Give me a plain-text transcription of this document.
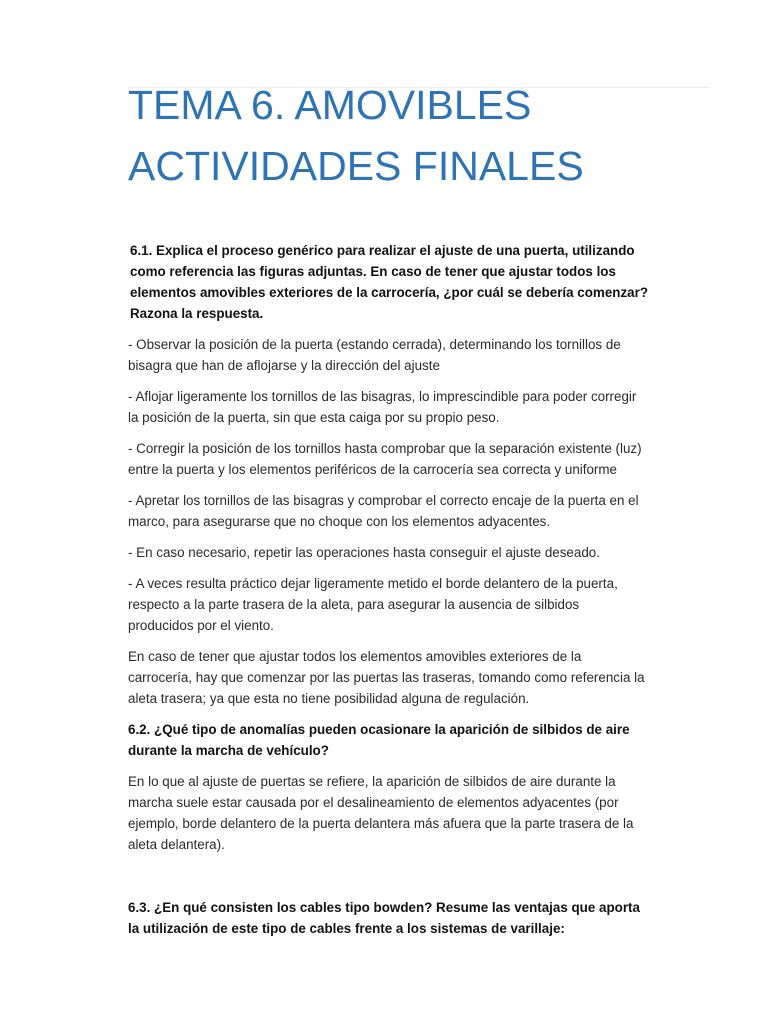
TEMA 6. AMOVIBLES
ACTIVIDADES FINALES

6.1. Explica el proceso genérico para realizar el ajuste de una puerta, utilizando como referencia las figuras adjuntas. En caso de tener que ajustar todos los elementos amovibles exteriores de la carrocería, ¿por cuál se debería comenzar? Razona la respuesta.

- Observar la posición de la puerta (estando cerrada), determinando los tornillos de bisagra que han de aflojarse y la dirección del ajuste

- Aflojar ligeramente los tornillos de las bisagras, lo imprescindible para poder corregir la posición de la puerta, sin que esta caiga por su propio peso.

- Corregir la posición de los tornillos hasta comprobar que la separación existente (luz) entre la puerta y los elementos periféricos de la carrocería sea correcta y uniforme

- Apretar los tornillos de las bisagras y comprobar el correcto encaje de la puerta en el marco, para asegurarse que no choque con los elementos adyacentes.

- En caso necesario, repetir las operaciones hasta conseguir el ajuste deseado.

- A veces resulta práctico dejar ligeramente metido el borde delantero de la puerta, respecto a la parte trasera de la aleta, para asegurar la ausencia de silbidos producidos por el viento.

En caso de tener que ajustar todos los elementos amovibles exteriores de la carrocería, hay que comenzar por las puertas las traseras, tomando como referencia la aleta trasera; ya que esta no tiene posibilidad alguna de regulación.

6.2. ¿Qué tipo de anomalías pueden ocasionare la aparición de silbidos de aire durante la marcha de vehículo?

En lo que al ajuste de puertas se refiere, la aparición de silbidos de aire durante la marcha suele estar causada por el desalineamiento de elementos adyacentes (por ejemplo, borde delantero de la puerta delantera más afuera que la parte trasera de la aleta delantera).

6.3. ¿En qué consisten los cables tipo bowden? Resume las ventajas que aporta la utilización de este tipo de cables frente a los sistemas de varillaje:
